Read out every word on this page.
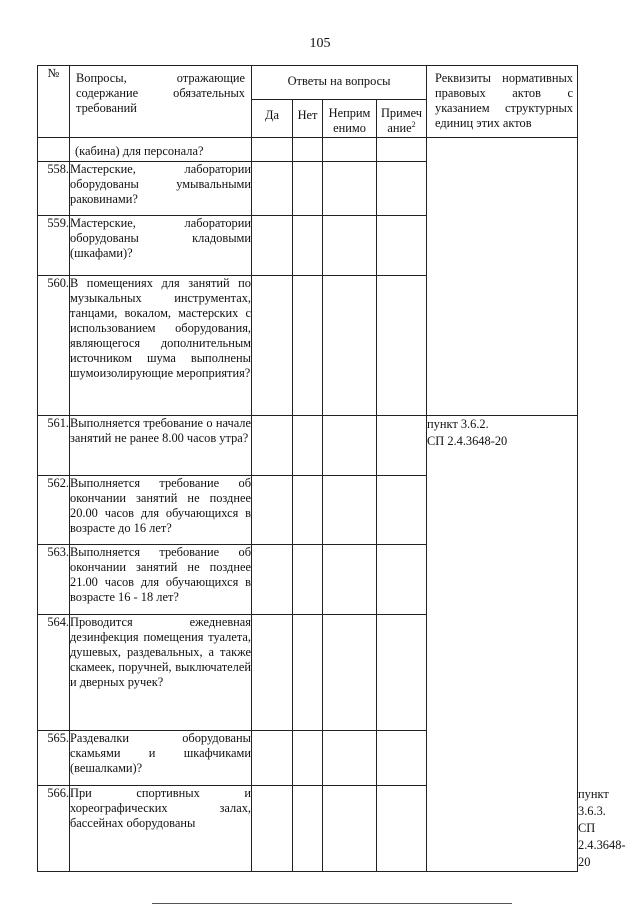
105
№	Вопросы, отражающие содержание обязательных требований	Ответы на вопросы				Реквизиты нормативных правовых актов с указанием структурных единиц этих актов	
		Да	Нет	Неприм енимо	Примеч ание$^2$
	(кабина) для персонала?						
558.	Мастерские, лаборатории оборудованы умывальными раковинами?						
559.	Мастерские, лаборатории оборудованы кладовыми (шкафами)?						
560.	В помещениях для занятий по музыкальных инструментах, танцами, вокалом, мастерских с использованием оборудования, являющегося дополнительным источником шума выполнены шумоизолирующие мероприятия?						
561.	Выполняется требование о начале занятий не ранее 8.00 часов утра?					пункт 3.6.2.
СП 2.4.3648-20	

562.	Выполняется требование об окончании занятий не позднее 20.00 часов для обучающихся в возрасте до 16 лет?						
563.	Выполняется требование об окончании занятий не позднее 21.00 часов для обучающихся в возрасте 16 - 18 лет?						
564.	Проводится ежедневная дезинфекция помещения туалета, душевых, раздевальных, а также скамеек, поручней, выключателей и дверных ручек?						
565.	Раздевалки оборудованы скамьями и шкафчиками (вешалками)?						
566.	При спортивных и хореографических залах, бассейнах оборудованы						пункт 3.6.3.
СП 2.4.3648-20
